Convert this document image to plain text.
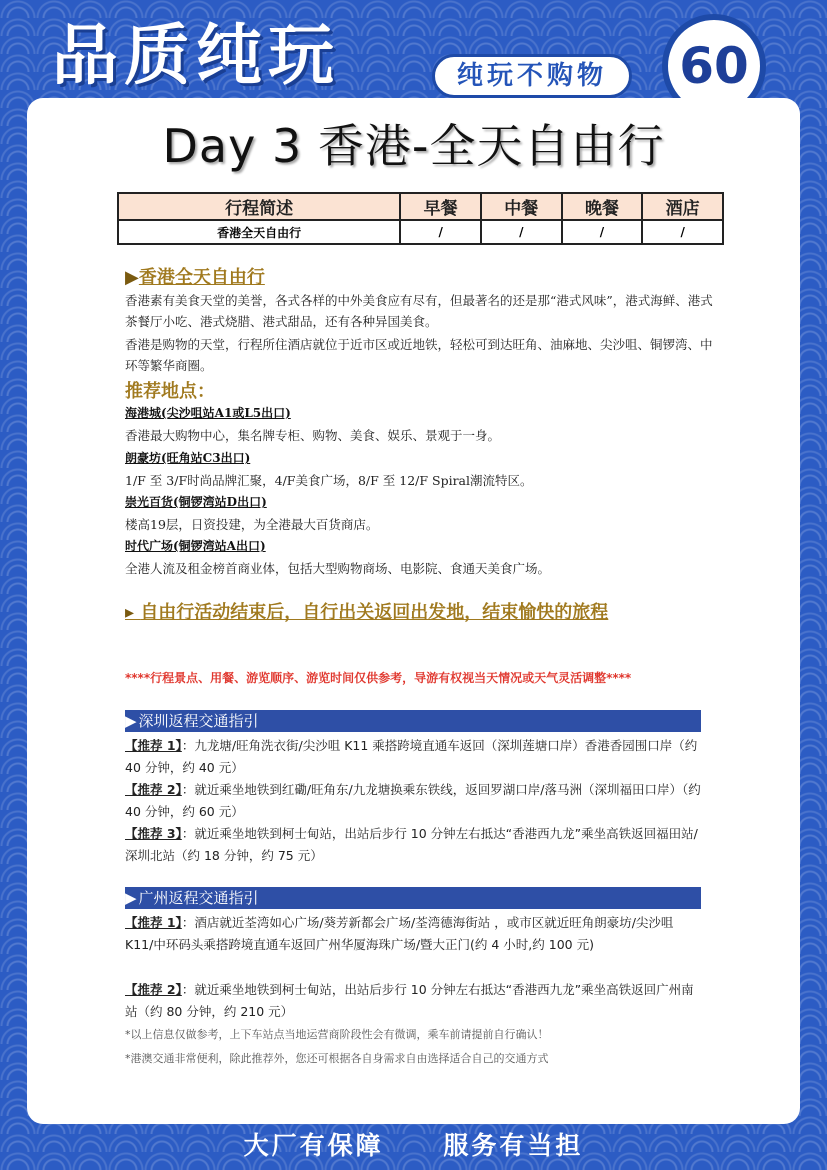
品质纯玩	纯玩不购物	60
Day 3 香港-全天自由行
行程简述	早餐	中餐	晚餐	酒店
香港全天自由行	/	/	/	/
▶香港全天自由行
香港素有美食天堂的美誉，各式各样的中外美食应有尽有，但最著名的还是那“港式风味”，港式海鲜、港式茶餐厅小吃、港式烧腊、港式甜品，还有各种异国美食。
香港是购物的天堂，行程所住酒店就位于近市区或近地铁，轻松可到达旺角、油麻地、尖沙咀、铜锣湾、中环等繁华商圈。
推荐地点：
海港城(尖沙咀站A1或L5出口)
香港最大购物中心，集名牌专柜、购物、美食、娱乐、景观于一身。
朗豪坊(旺角站C3出口)
1/F 至 3/F时尚品牌汇聚，4/F美食广场，8/F 至 12/F Spiral潮流特区。
崇光百货(铜锣湾站D出口)
楼高19层，日资投建，为全港最大百货商店。
时代广场(铜锣湾站A出口)
全港人流及租金榜首商业体，包括大型购物商场、电影院、食通天美食广场。
▸ 自由行活动结束后，自行出关返回出发地，结束愉快的旅程
****行程景点、用餐、游览顺序、游览时间仅供参考，导游有权视当天情况或天气灵活调整****
▶ 深圳返程交通指引
【推荐 1】：九龙塘/旺角洗衣街/尖沙咀 K11 乘搭跨境直通车返回（深圳莲塘口岸）香港香园围口岸（约 40 分钟，约 40 元）
【推荐 2】：就近乘坐地铁到红磡/旺角东/九龙塘换乘东铁线，返回罗湖口岸/落马洲（深圳福田口岸）（约 40 分钟，约 60 元）
【推荐 3】：就近乘坐地铁到柯士甸站，出站后步行 10 分钟左右抵达“香港西九龙”乘坐高铁返回福田站/深圳北站（约 18 分钟，约 75 元）
▶ 广州返程交通指引
【推荐 1】：酒店就近荃湾如心广场/葵芳新都会广场/荃湾德海街站 ，或市区就近旺角朗豪坊/尖沙咀 K11/中环码头乘搭跨境直通车返回广州华厦海珠广场/暨大正门(约 4 小时,约 100 元)
【推荐 2】：就近乘坐地铁到柯士甸站，出站后步行 10 分钟左右抵达“香港西九龙”乘坐高铁返回广州南站（约 80 分钟，约 210 元）
*以上信息仅做参考，上下车站点当地运营商阶段性会有微调，乘车前请提前自行确认！
*港澳交通非常便利，除此推荐外，您还可根据各自身需求自由选择适合自己的交通方式
大厂有保障 服务有当担
